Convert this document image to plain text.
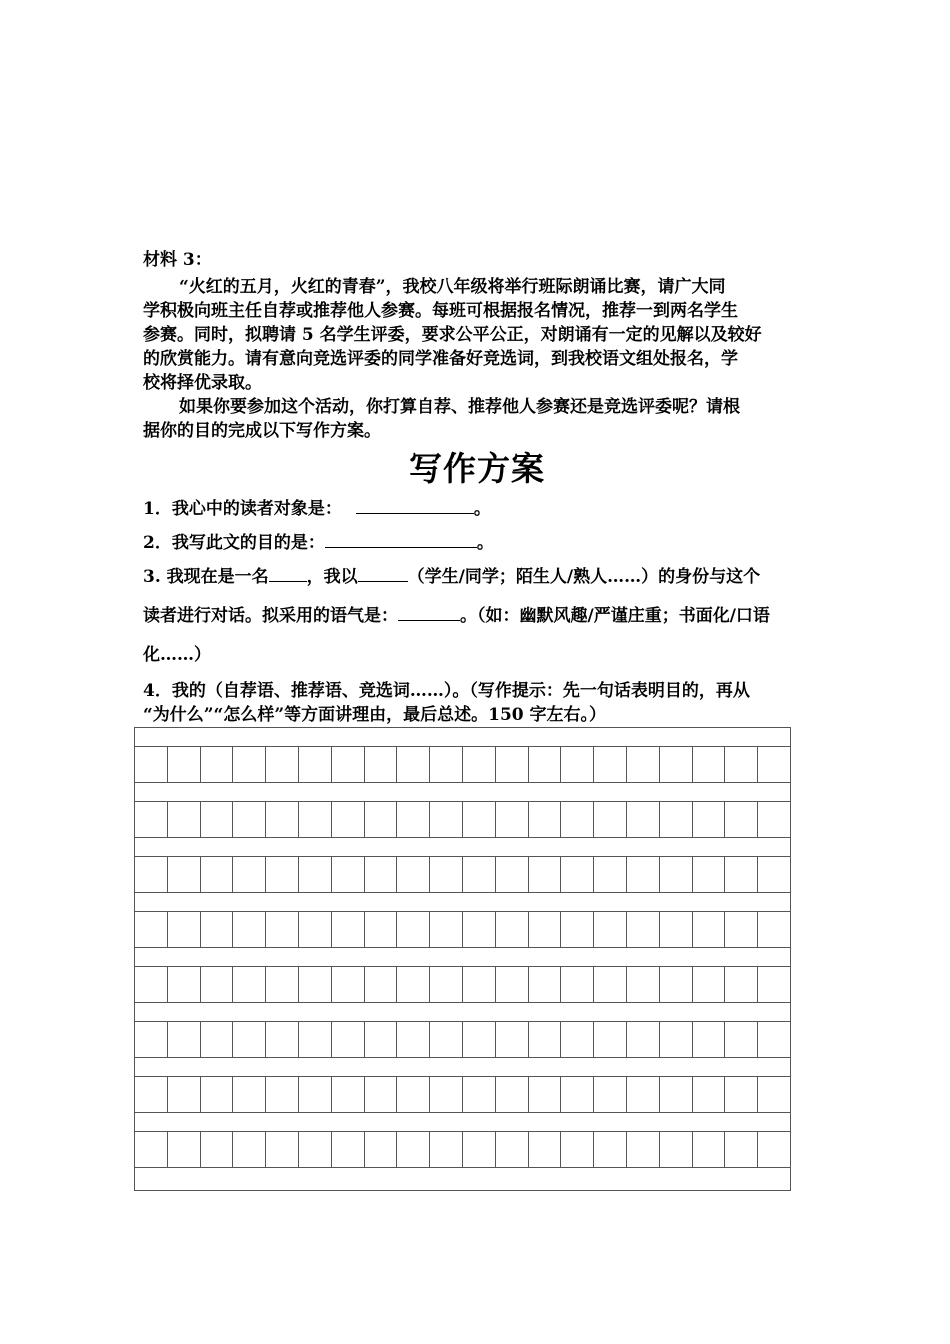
材料 3：
“火红的五月，火红的青春”，我校八年级将举行班际朗诵比赛，请广大同
学积极向班主任自荐或推荐他人参赛。每班可根据报名情况，推荐一到两名学生
参赛。同时，拟聘请 5 名学生评委，要求公平公正，对朗诵有一定的见解以及较好
的欣赏能力。请有意向竞选评委的同学准备好竞选词，到我校语文组处报名，学
校将择优录取。
如果你要参加这个活动，你打算自荐、推荐他人参赛还是竞选评委呢？请根
据你的目的完成以下写作方案。
写作方案
1．我心中的读者对象是：	。
2．我写此文的目的是：	。
3. 我现在是一名 ，我以	（学生/同学；陌生人/熟人……）的身份与这个
读者进行对话。拟采用的语气是：	。（如：幽默风趣/严谨庄重；书面化/口语
化……）
4．我的（自荐语、推荐语、竞选词……）。（写作提示：先一句话表明目的，再从
“为什么”“怎么样”等方面讲理由，最后总述。150 字左右。）
